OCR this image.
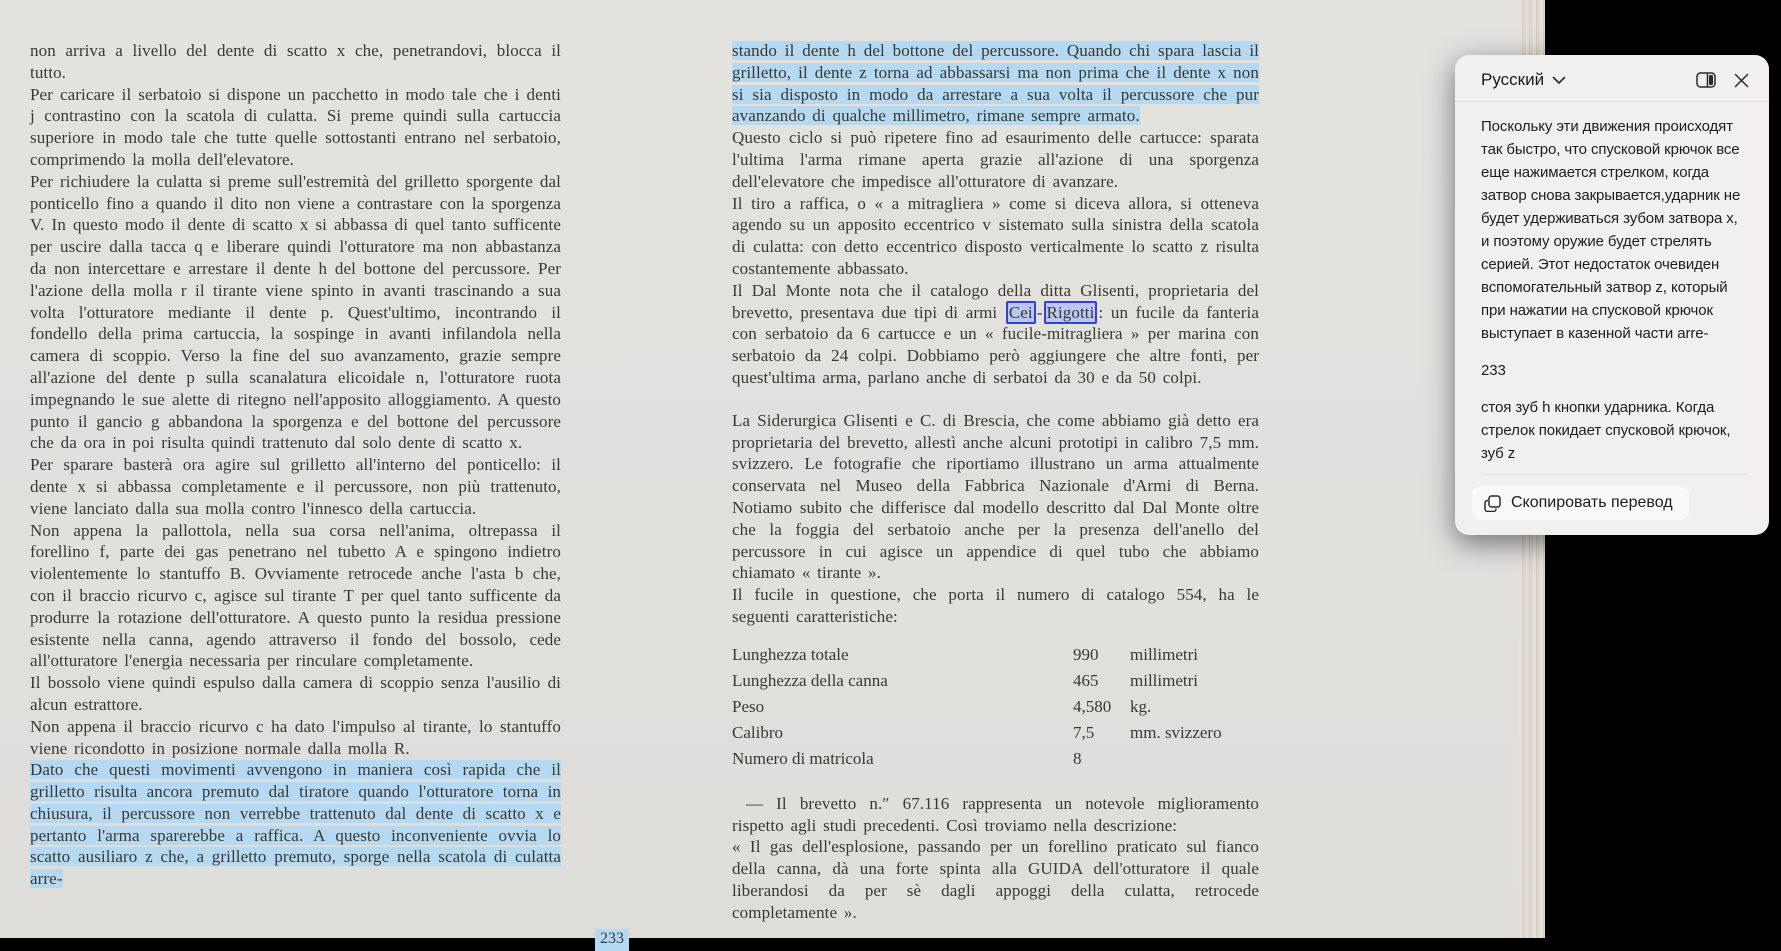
non arriva a livello del dente di scatto x che, penetrandovi, blocca il tutto.

Per caricare il serbatoio si dispone un pacchetto in modo tale che i denti j contrastino con la scatola di culatta. Si preme quindi sulla cartuccia superiore in modo tale che tutte quelle sottostanti entrano nel serbatoio, comprimendo la molla dell'elevatore.

Per richiudere la culatta si preme sull'estremità del grilletto sporgente dal ponticello fino a quando il dito non viene a contrastare con la sporgenza V. In questo modo il dente di scatto x si abbassa di quel tanto sufficente per uscire dalla tacca q e liberare quindi l'otturatore ma non abbastanza da non intercettare e arrestare il dente h del bottone del percussore. Per l'azione della molla r il tirante viene spinto in avanti trascinando a sua volta l'otturatore mediante il dente p. Quest'ultimo, incontrando il fondello della prima cartuccia, la sospinge in avanti infilandola nella camera di scoppio. Verso la fine del suo avanzamento, grazie sempre all'azione del dente p sulla scanalatura elicoidale n, l'otturatore ruota impegnando le sue alette di ritegno nell'apposito alloggiamento. A questo punto il gancio g abbandona la sporgenza e del bottone del percussore che da ora in poi risulta quindi trattenuto dal solo dente di scatto x.

Per sparare basterà ora agire sul grilletto all'interno del ponticello: il dente x si abbassa completamente e il percussore, non più trattenuto, viene lanciato dalla sua molla contro l'innesco della cartuccia.

Non appena la pallottola, nella sua corsa nell'anima, oltrepassa il forellino f, parte dei gas penetrano nel tubetto A e spingono indietro violentemente lo stantuffo B. Ovviamente retrocede anche l'asta b che, con il braccio ricurvo c, agisce sul tirante T per quel tanto sufficente da produrre la rotazione dell'otturatore. A questo punto la residua pressione esistente nella canna, agendo attraverso il fondo del bossolo, cede all'otturatore l'energia necessaria per rinculare completamente.

Il bossolo viene quindi espulso dalla camera di scoppio senza l'ausilio di alcun estrattore.

Non appena il braccio ricurvo c ha dato l'impulso al tirante, lo stantuffo viene ricondotto in posizione normale dalla molla R.

Dato che questi movimenti avvengono in maniera così rapida che il grilletto risulta ancora premuto dal tiratore quando l'otturatore torna in chiusura, il percussore non verrebbe trattenuto dal dente di scatto x e pertanto l'arma sparerebbe a raffica. A questo inconveniente ovvia lo scatto ausiliaro z che, a grilletto premuto, sporge nella scatola di culatta arre-

stando il dente h del bottone del percussore. Quando chi spara lascia il grilletto, il dente z torna ad abbassarsi ma non prima che il dente x non si sia disposto in modo da arrestare a sua volta il percussore che pur avanzando di qualche millimetro, rimane sempre armato.

Questo ciclo si può ripetere fino ad esaurimento delle cartucce: sparata l'ultima l'arma rimane aperta grazie all'azione di una sporgenza dell'elevatore che impedisce all'otturatore di avanzare.

Il tiro a raffica, o « a mitragliera » come si diceva allora, si otteneva agendo su un apposito eccentrico v sistemato sulla sinistra della scatola di culatta: con detto eccentrico disposto verticalmente lo scatto z risulta costantemente abbassato.

Il Dal Monte nota che il catalogo della ditta Glisenti, proprietaria del brevetto, presentava due tipi di armi Cei - Rigotti : un fucile da fanteria con serbatoio da 6 cartucce e un « fucile-mitragliera » per marina con serbatoio da 24 colpi. Dobbiamo però aggiungere che altre fonti, per quest'ultima arma, parlano anche di serbatoi da 30 e da 50 colpi.

La Siderurgica Glisenti e C. di Brescia, che come abbiamo già detto era proprietaria del brevetto, allestì anche alcuni prototipi in calibro 7,5 mm. svizzero. Le fotografie che riportiamo illustrano un arma attualmente conservata nel Museo della Fabbrica Nazionale d'Armi di Berna. Notiamo subito che differisce dal modello descritto dal Dal Monte oltre che la foggia del serbatoio anche per la presenza dell'anello del percussore in cui agisce un appendice di quel tubo che abbiamo chiamato « tirante ».

Il fucile in questione, che porta il numero di catalogo 554, ha le seguenti caratteristiche:

Lunghezza totale	990	millimetri
Lunghezza della canna	465	millimetri
Peso	4,580	kg.
Calibro	7,5	mm. svizzero
Numero di matricola	8

— Il brevetto n.″ 67.116 rappresenta un notevole miglioramento rispetto agli studi precedenti. Così troviamo nella descrizione:

« Il gas dell'esplosione, passando per un forellino praticato sul fianco della canna, dà una forte spinta alla GUIDA dell'otturatore il quale liberandosi da per sè dagli appoggi della culatta, retrocede completamente ».

233
Русский

Поскольку эти движения происходят так быстро, что спусковой крючок все еще нажимается стрелком, когда затвор снова закрывается,ударник не будет удерживаться зубом затвора x, и поэтому оружие будет стрелять серией. Этот недостаток очевиден вспомогательный затвор z, который при нажатии на спусковой крючок выступает в казенной части arre-

233

стоя зуб h кнопки ударника. Когда стрелок покидает спусковой крючок, зуб z

Скопировать перевод
